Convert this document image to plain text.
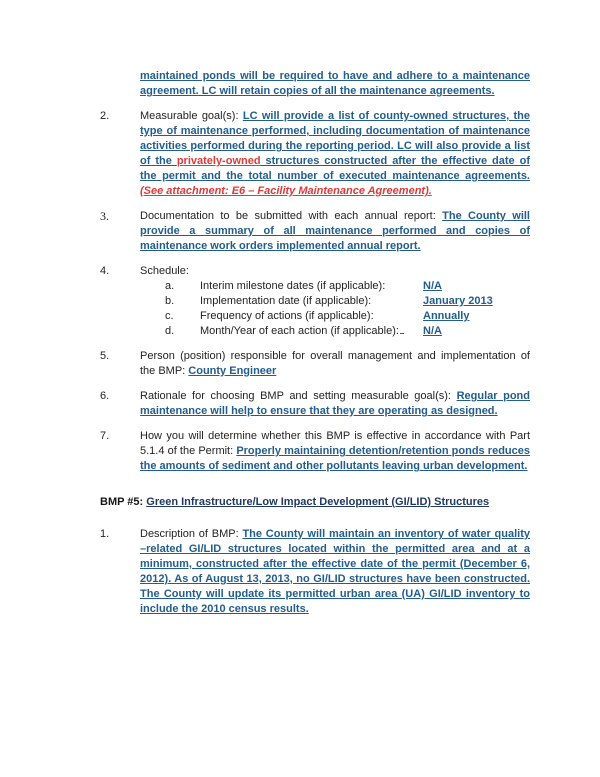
maintained ponds will be required to have and adhere to a maintenance agreement. LC will retain copies of all the maintenance agreements.
2.	Measurable goal(s): LC will provide a list of county-owned structures, the type of maintenance performed, including documentation of maintenance activities performed during the reporting period. LC will also provide a list of the privately-owned structures constructed after the effective date of the permit and the total number of executed maintenance agreements. (See attachment: E6 – Facility Maintenance Agreement).
3.	Documentation to be submitted with each annual report: The County will provide a summary of all maintenance performed and copies of maintenance work orders implemented annual report.
4.	Schedule:
a.	Interim milestone dates (if applicable):	N/A
b.	Implementation date (if applicable):	January 2013
c.	Frequency of actions (if applicable):	Annually
d.	Month/Year of each action (if applicable):	N/A
5.	Person (position) responsible for overall management and implementation of the BMP: County Engineer
6.	Rationale for choosing BMP and setting measurable goal(s): Regular pond maintenance will help to ensure that they are operating as designed.
7.	How you will determine whether this BMP is effective in accordance with Part 5.1.4 of the Permit: Properly maintaining detention/retention ponds reduces the amounts of sediment and other pollutants leaving urban development.
BMP #5: Green Infrastructure/Low Impact Development (GI/LID) Structures
1.	Description of BMP: The County will maintain an inventory of water quality –related GI/LID structures located within the permitted area and at a minimum, constructed after the effective date of the permit (December 6, 2012). As of August 13, 2013, no GI/LID structures have been constructed. The County will update its permitted urban area (UA) GI/LID inventory to include the 2010 census results.
